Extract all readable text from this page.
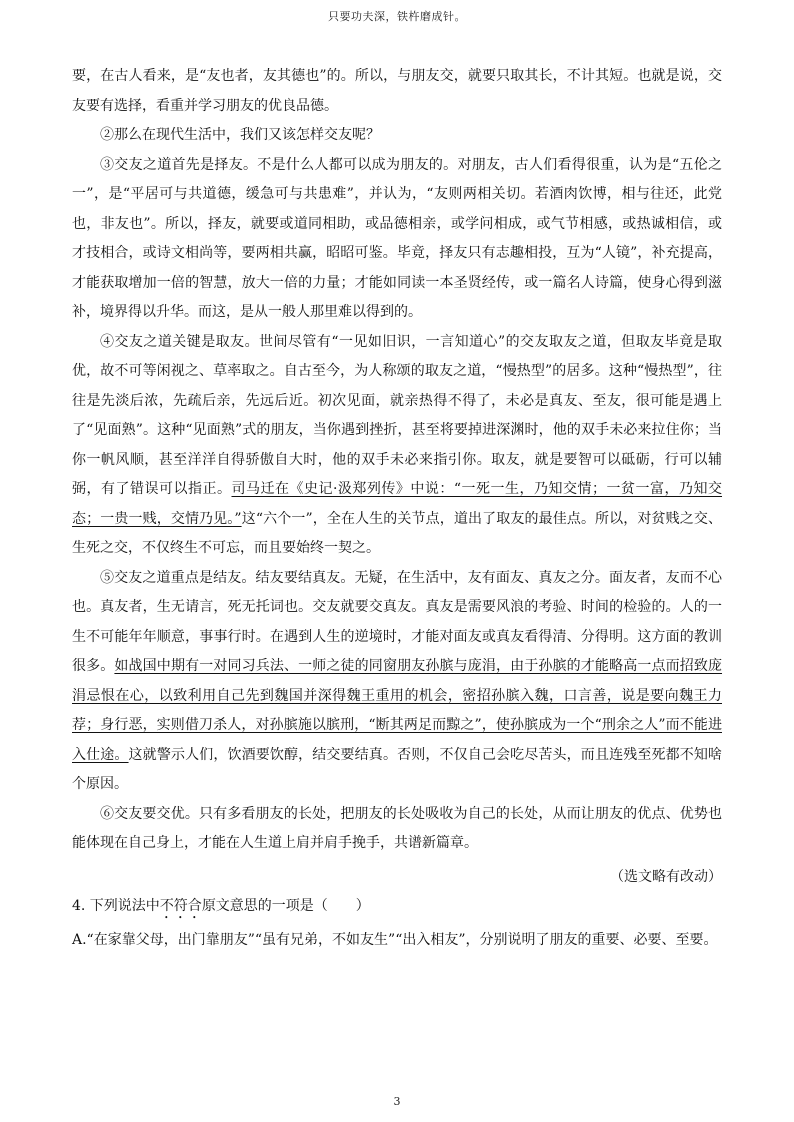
只要功夫深，铁杵磨成针。

要，在古人看来，是“友也者，友其德也”的。所以，与朋友交，就要只取其长，不计其短。也就是说，交友要有选择，看重并学习朋友的优良品德。

②那么在现代生活中，我们又该怎样交友呢？

③交友之道首先是择友。不是什么人都可以成为朋友的。对朋友，古人们看得很重，认为是“五伦之一”，是“平居可与共道德，缓急可与共患难”，并认为，“友则两相关切。若酒肉饮博，相与往还，此党也，非友也”。所以，择友，就要或道同相助，或品德相亲，或学问相成，或气节相感，或热诚相信，或才技相合，或诗文相尚等，要两相共赢，昭昭可鉴。毕竟，择友只有志趣相投，互为“人镜”，补充提高，才能获取增加一倍的智慧，放大一倍的力量；才能如同读一本圣贤经传，或一篇名人诗篇，使身心得到滋补，境界得以升华。而这，是从一般人那里难以得到的。

④交友之道关键是取友。世间尽管有“一见如旧识，一言知道心”的交友取友之道，但取友毕竟是取优，故不可等闲视之、草率取之。自古至今，为人称颂的取友之道，“慢热型”的居多。这种“慢热型”，往往是先淡后浓，先疏后亲，先远后近。初次见面，就亲热得不得了，未必是真友、至友，很可能是遇上了“见面熟”。这种“见面熟”式的朋友，当你遇到挫折，甚至将要掉进深渊时，他的双手未必来拉住你；当你一帆风顺，甚至洋洋自得骄傲自大时，他的双手未必来指引你。取友，就是要智可以砥砺，行可以辅弼，有了错误可以指正。司马迁在《史记·汲郑列传》中说：“一死一生，乃知交情；一贫一富，乃知交态；一贵一贱，交情乃见。”这“六个一”，全在人生的关节点，道出了取友的最佳点。所以，对贫贱之交、生死之交，不仅终生不可忘，而且要始终一契之。

⑤交友之道重点是结友。结友要结真友。无疑，在生活中，友有面友、真友之分。面友者，友而不心也。真友者，生无请言，死无托词也。交友就要交真友。真友是需要风浪的考验、时间的检验的。人的一生不可能年年顺意，事事行时。在遇到人生的逆境时，才能对面友或真友看得清、分得明。这方面的教训很多。如战国中期有一对同习兵法、一师之徒的同窗朋友孙膑与庞涓，由于孙膑的才能略高一点而招致庞涓忌恨在心，以致利用自己先到魏国并深得魏王重用的机会，密招孙膑入魏，口言善，说是要向魏王力荐；身行恶，实则借刀杀人，对孙膑施以膑刑，“断其两足而黥之”，使孙膑成为一个“刑余之人”而不能进入仕途。这就警示人们，饮酒要饮醇，结交要结真。否则，不仅自己会吃尽苦头，而且连残至死都不知啥个原因。

⑥交友要交优。只有多看朋友的长处，把朋友的长处吸收为自己的长处，从而让朋友的优点、优势也能体现在自己身上，才能在人生道上肩并肩手挽手，共谱新篇章。

（选文略有改动）
4. 下列说法中不符合原文意思的一项是（　　）
A.“在家靠父母，出门靠朋友”“虽有兄弟，不如友生”“出入相友”，分别说明了朋友的重要、必要、至要。
3
